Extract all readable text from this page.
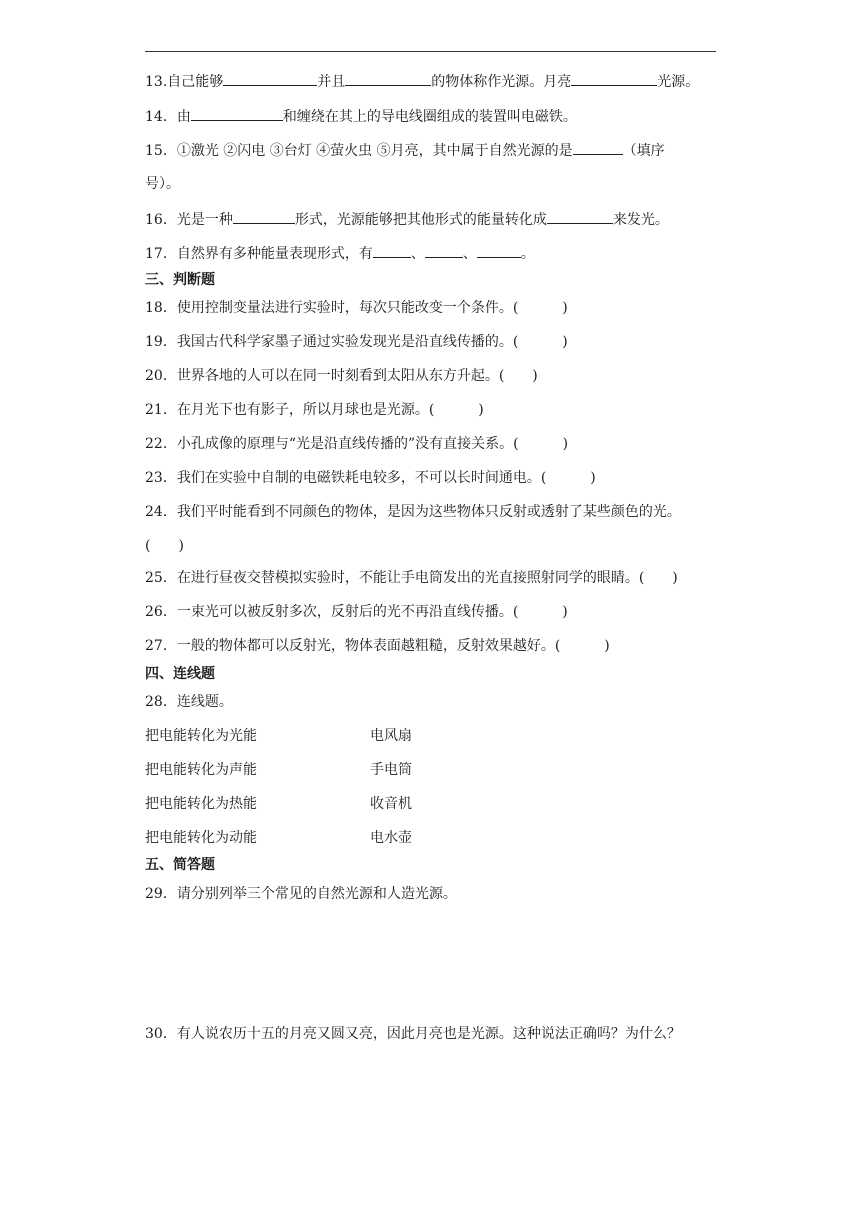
13.自己能够	并且	的物体称作光源。月亮	光源。
14．由	和缠绕在其上的导电线圈组成的装置叫电磁铁。
15．①激光 ②闪电 ③台灯 ④萤火虫 ⑤月亮，其中属于自然光源的是	（填序
号）。
16．光是一种	形式，光源能够把其他形式的能量转化成	来发光。
17．自然界有多种能量表现形式，有	、	、	。
三、判断题
18．使用控制变量法进行实验时，每次只能改变一个条件。(	)
19．我国古代科学家墨子通过实验发现光是沿直线传播的。(	)
20．世界各地的人可以在同一时刻看到太阳从东方升起。( )
21．在月光下也有影子，所以月球也是光源。(	)
22．小孔成像的原理与“光是沿直线传播的”没有直接关系。(	)
23．我们在实验中自制的电磁铁耗电较多，不可以长时间通电。(	)
24．我们平时能看到不同颜色的物体，是因为这些物体只反射或透射了某些颜色的光。
( )
25．在进行昼夜交替模拟实验时，不能让手电筒发出的光直接照射同学的眼睛。( )
26．一束光可以被反射多次，反射后的光不再沿直线传播。(	)
27．一般的物体都可以反射光，物体表面越粗糙，反射效果越好。(	)
四、连线题
28．连线题。
把电能转化为光能	电风扇
把电能转化为声能	手电筒
把电能转化为热能	收音机
把电能转化为动能	电水壶
五、简答题
29．请分别列举三个常见的自然光源和人造光源。
30．有人说农历十五的月亮又圆又亮，因此月亮也是光源。这种说法正确吗？为什么？
